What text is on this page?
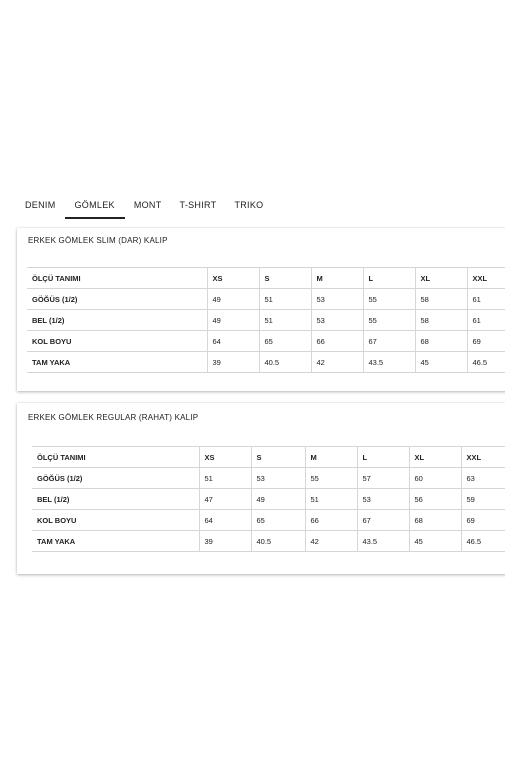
DENIM	GÖMLEK	MONT	T-SHIRT	TRIKO
ERKEK GÖMLEK SLIM (DAR) KALIP
ÖLÇÜ TANIMI	XS	S	M	L	XL	XXL
GÖĞÜS (1/2)	49	51	53	55	58	61
BEL (1/2)	49	51	53	55	58	61
KOL BOYU	64	65	66	67	68	69
TAM YAKA	39	40.5	42	43.5	45	46.5
ERKEK GÖMLEK REGULAR (RAHAT) KALIP
ÖLÇÜ TANIMI	XS	S	M	L	XL	XXL
GÖĞÜS (1/2)	51	53	55	57	60	63
BEL (1/2)	47	49	51	53	56	59
KOL BOYU	64	65	66	67	68	69
TAM YAKA	39	40.5	42	43.5	45	46.5
